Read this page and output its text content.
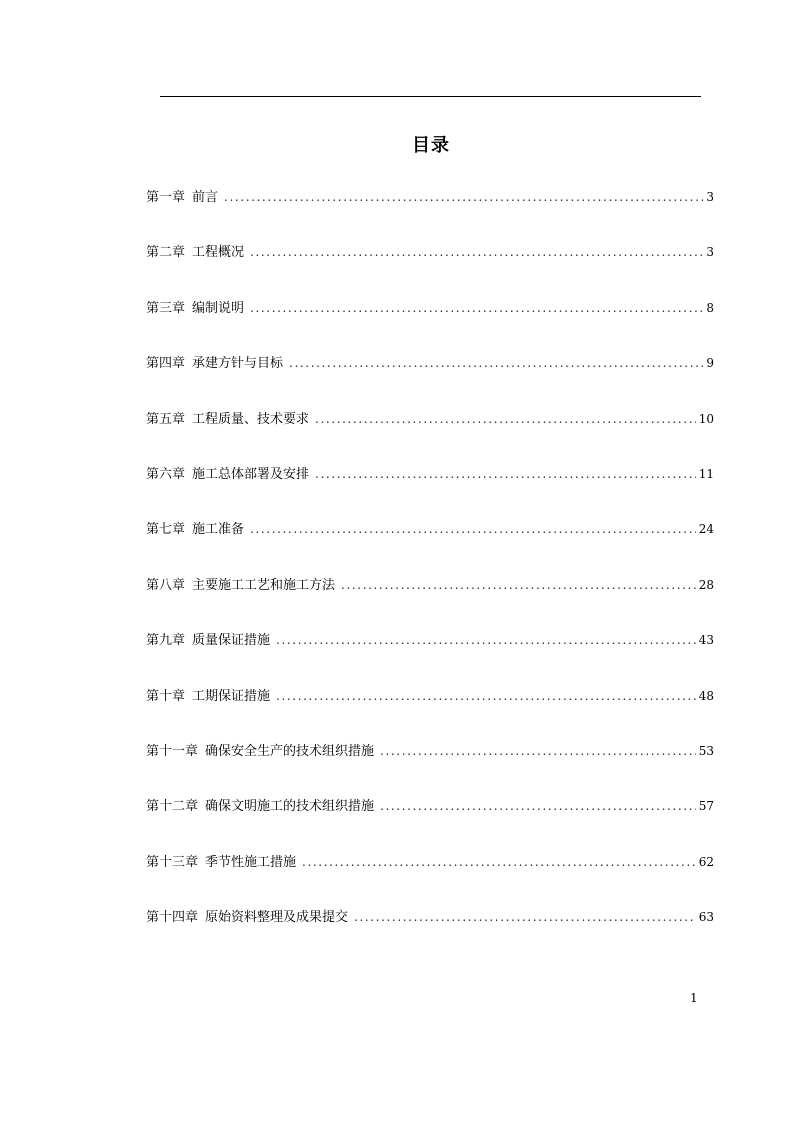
目录
第一章 前言 .....	3
第二章 工程概况 .....	3
第三章 编制说明 .....	8
第四章 承建方针与目标 .....	9
第五章 工程质量、技术要求 .....	10
第六章 施工总体部署及安排 .....	11
第七章 施工准备 .....	24
第八章 主要施工工艺和施工方法 .....	28
第九章 质量保证措施 .....	43
第十章 工期保证措施 .....	48
第十一章 确保安全生产的技术组织措施 .....	53
第十二章 确保文明施工的技术组织措施 .....	57
第十三章 季节性施工措施 .....	62
第十四章 原始资料整理及成果提交 .....	63
1
